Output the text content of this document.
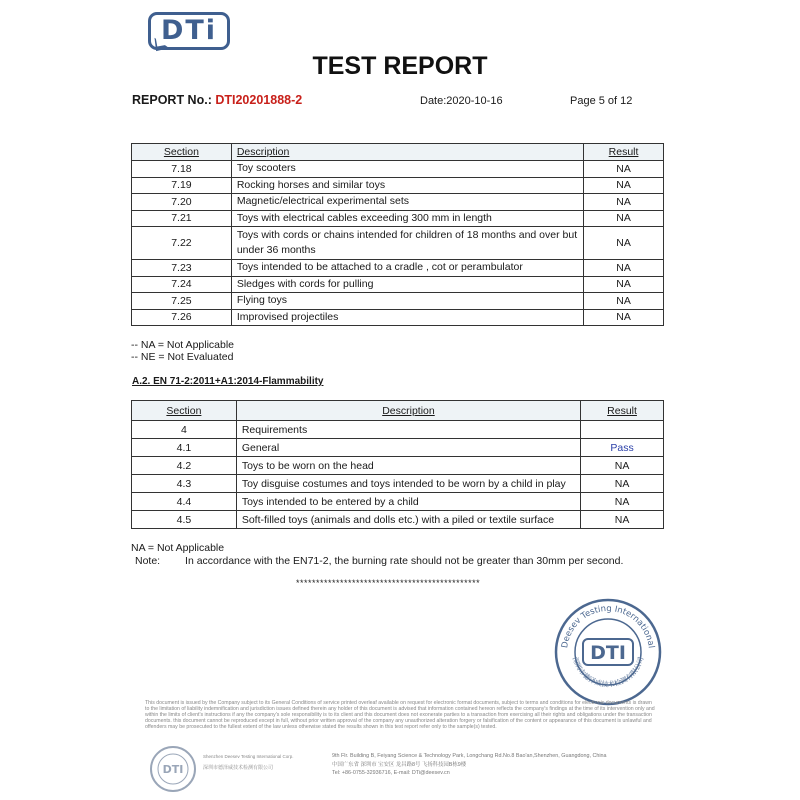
DTi
TEST REPORT
REPORT No.: DTI20201888-2	Date:2020-10-16	Page 5 of 12
Section	Description	Result
7.18	Toy scooters	NA
7.19	Rocking horses and similar toys	NA
7.20	Magnetic/electrical experimental sets	NA
7.21	Toys with electrical cables exceeding 300 mm in length	NA
7.22	Toys with cords or chains intended for children of 18 months and over but under 36 months	NA
7.23	Toys intended to be attached to a cradle , cot or perambulator	NA
7.24	Sledges with cords for pulling	NA
7.25	Flying toys	NA
7.26	Improvised projectiles	NA
-- NA = Not Applicable
-- NE = Not Evaluated
A.2. EN 71-2:2011+A1:2014-Flammability
Section	Description	Result
4	Requirements	
4.1	General	Pass
4.2	Toys to be worn on the head	NA
4.3	Toy disguise costumes and toys intended to be worn by a child in play	NA
4.4	Toys intended to be entered by a child	NA
4.5	Soft-filled toys (animals and dolls etc.) with a piled or textile surface	NA
NA = Not Applicable
Note: In accordance with the EN71-2, the burning rate should not be greater than 30mm per second.
**********************************************
Deesev Testing International
深圳市德泽威技术检测有限公司
DTI
This document is issued by the Company subject to its General Conditions of service printed overleaf available on request for electronic format documents, subject to terms and conditions for electronic documents is drawn to the limitation of liability indemnification and jurisdiction issues defined therein any holder of this document is advised that information contained hereon reflects the company's findings at the time of its intervention only and within the limits of client's instructions if any the company's sole responsibility is to its client and this document does not exonerate parties to a transaction from exercising all their rights and obligations under the transaction documents. this document cannot be reproduced except in full, without prior written approval of the company any unauthorized alteration forgery or falsification of the content or appearance of this document is unlawful and offenders may be prosecuted to the fullest extent of the law unless otherwise stated the results shown in this test report refer only to the sample(s) tested.
DTI
Shenzhen Deesev Testing International Corp.
深圳市德泽威技术检测有限公司
9th Flr. Building B, Feiyang Science & Technology Park, Longchang Rd.No.8 Bao'an,Shenzhen, Guangdong, China
中国广东省 深圳市 宝安区 龙昌路8号 飞扬科技园B栋9楼
Tel: +86-0755-32936716, E-mail: DTi@deesev.cn
